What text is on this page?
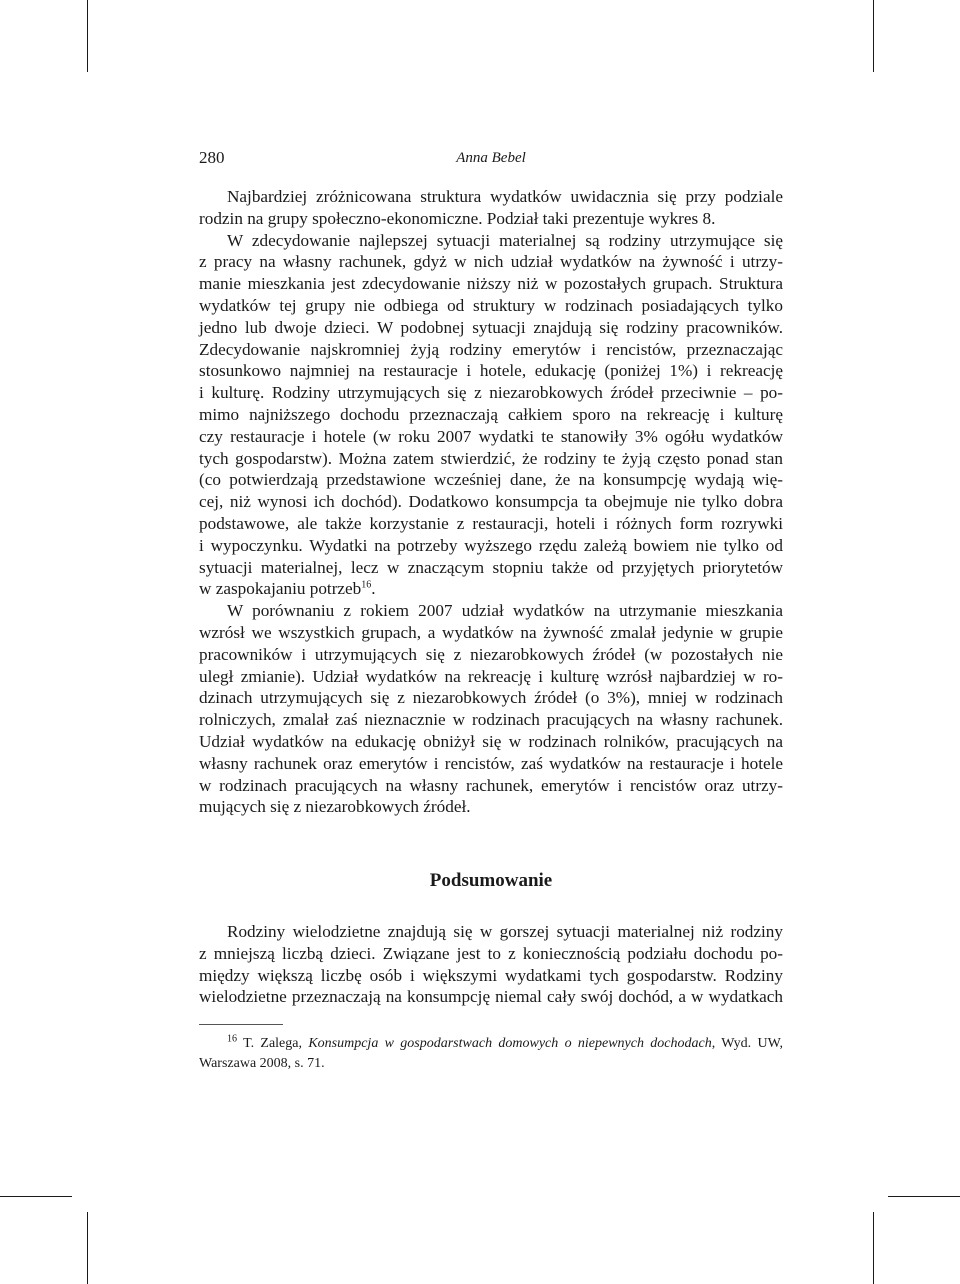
280	Anna Bebel
Najbardziej zróżnicowana struktura wydatków uwidacznia się przy podziale
rodzin na grupy społeczno-ekonomiczne. Podział taki prezentuje wykres 8.
W zdecydowanie najlepszej sytuacji materialnej są rodziny utrzymujące się
z pracy na własny rachunek, gdyż w nich udział wydatków na żywność i utrzy-
manie mieszkania jest zdecydowanie niższy niż w pozostałych grupach. Struktura
wydatków tej grupy nie odbiega od struktury w rodzinach posiadających tylko
jedno lub dwoje dzieci. W podobnej sytuacji znajdują się rodziny pracowników.
Zdecydowanie najskromniej żyją rodziny emerytów i rencistów, przeznaczając
stosunkowo najmniej na restauracje i hotele, edukację (poniżej 1%) i rekreację
i kulturę. Rodziny utrzymujących się z niezarobkowych źródeł przeciwnie – po-
mimo najniższego dochodu przeznaczają całkiem sporo na rekreację i kulturę
czy restauracje i hotele (w roku 2007 wydatki te stanowiły 3% ogółu wydatków
tych gospodarstw). Można zatem stwierdzić, że rodziny te żyją często ponad stan
(co potwierdzają przedstawione wcześniej dane, że na konsumpcję wydają wię-
cej, niż wynosi ich dochód). Dodatkowo konsumpcja ta obejmuje nie tylko dobra
podstawowe, ale także korzystanie z restauracji, hoteli i różnych form rozrywki
i wypoczynku. Wydatki na potrzeby wyższego rzędu zależą bowiem nie tylko od
sytuacji materialnej, lecz w znaczącym stopniu także od przyjętych priorytetów
w zaspokajaniu potrzeb$^{16}$.
W porównaniu z rokiem 2007 udział wydatków na utrzymanie mieszkania
wzrósł we wszystkich grupach, a wydatków na żywność zmalał jedynie w grupie
pracowników i utrzymujących się z niezarobkowych źródeł (w pozostałych nie
uległ zmianie). Udział wydatków na rekreację i kulturę wzrósł najbardziej w ro-
dzinach utrzymujących się z niezarobkowych źródeł (o 3%), mniej w rodzinach
rolniczych, zmalał zaś nieznacznie w rodzinach pracujących na własny rachunek.
Udział wydatków na edukację obniżył się w rodzinach rolników, pracujących na
własny rachunek oraz emerytów i rencistów, zaś wydatków na restauracje i hotele
w rodzinach pracujących na własny rachunek, emerytów i rencistów oraz utrzy-
mujących się z niezarobkowych źródeł.
Podsumowanie
Rodziny wielodzietne znajdują się w gorszej sytuacji materialnej niż rodziny
z mniejszą liczbą dzieci. Związane jest to z koniecznością podziału dochodu po-
między większą liczbę osób i większymi wydatkami tych gospodarstw. Rodziny
wielodzietne przeznaczają na konsumpcję niemal cały swój dochód, a w wydatkach
$^{16}$ T. Zalega, Konsumpcja w gospodarstwach domowych o niepewnych dochodach, Wyd. UW,
Warszawa 2008, s. 71.
